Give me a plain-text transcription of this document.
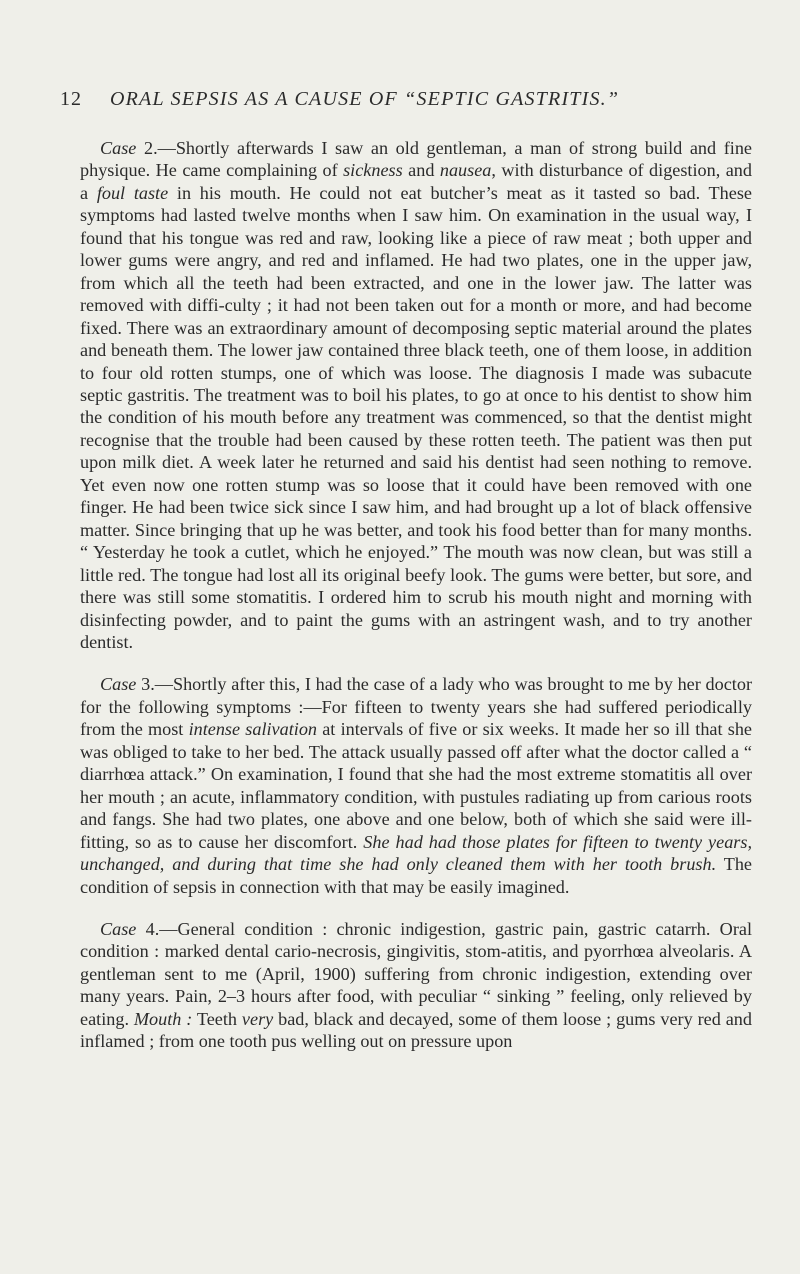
12 ORAL SEPSIS AS A CAUSE OF “SEPTIC GASTRITIS.”

Case 2.—Shortly afterwards I saw an old gentleman, a man of strong build and fine physique. He came complaining of sickness and nausea, with disturbance of digestion, and a foul taste in his mouth. He could not eat butcher’s meat as it tasted so bad. These symptoms had lasted twelve months when I saw him. On examination in the usual way, I found that his tongue was red and raw, looking like a piece of raw meat ; both upper and lower gums were angry, and red and inflamed. He had two plates, one in the upper jaw, from which all the teeth had been extracted, and one in the lower jaw. The latter was removed with diffi-culty ; it had not been taken out for a month or more, and had become fixed. There was an extraordinary amount of decomposing septic material around the plates and beneath them. The lower jaw contained three black teeth, one of them loose, in addition to four old rotten stumps, one of which was loose. The diagnosis I made was subacute septic gastritis. The treatment was to boil his plates, to go at once to his dentist to show him the condition of his mouth before any treatment was commenced, so that the dentist might recognise that the trouble had been caused by these rotten teeth. The patient was then put upon milk diet. A week later he returned and said his dentist had seen nothing to remove. Yet even now one rotten stump was so loose that it could have been removed with one finger. He had been twice sick since I saw him, and had brought up a lot of black offensive matter. Since bringing that up he was better, and took his food better than for many months. “ Yesterday he took a cutlet, which he enjoyed.” The mouth was now clean, but was still a little red. The tongue had lost all its original beefy look. The gums were better, but sore, and there was still some stomatitis. I ordered him to scrub his mouth night and morning with disinfecting powder, and to paint the gums with an astringent wash, and to try another dentist.

Case 3.—Shortly after this, I had the case of a lady who was brought to me by her doctor for the following symptoms :—For fifteen to twenty years she had suffered periodically from the most intense salivation at intervals of five or six weeks. It made her so ill that she was obliged to take to her bed. The attack usually passed off after what the doctor called a “ diarrhœa attack.” On examination, I found that she had the most extreme stomatitis all over her mouth ; an acute, inflammatory condition, with pustules radiating up from carious roots and fangs. She had two plates, one above and one below, both of which she said were ill-fitting, so as to cause her discomfort. She had had those plates for fifteen to twenty years, unchanged, and during that time she had only cleaned them with her tooth brush. The condition of sepsis in connection with that may be easily imagined.

Case 4.—General condition : chronic indigestion, gastric pain, gastric catarrh. Oral condition : marked dental cario-necrosis, gingivitis, stom-atitis, and pyorrhœa alveolaris. A gentleman sent to me (April, 1900) suffering from chronic indigestion, extending over many years. Pain, 2–3 hours after food, with peculiar “ sinking ” feeling, only relieved by eating. Mouth : Teeth very bad, black and decayed, some of them loose ; gums very red and inflamed ; from one tooth pus welling out on pressure upon
